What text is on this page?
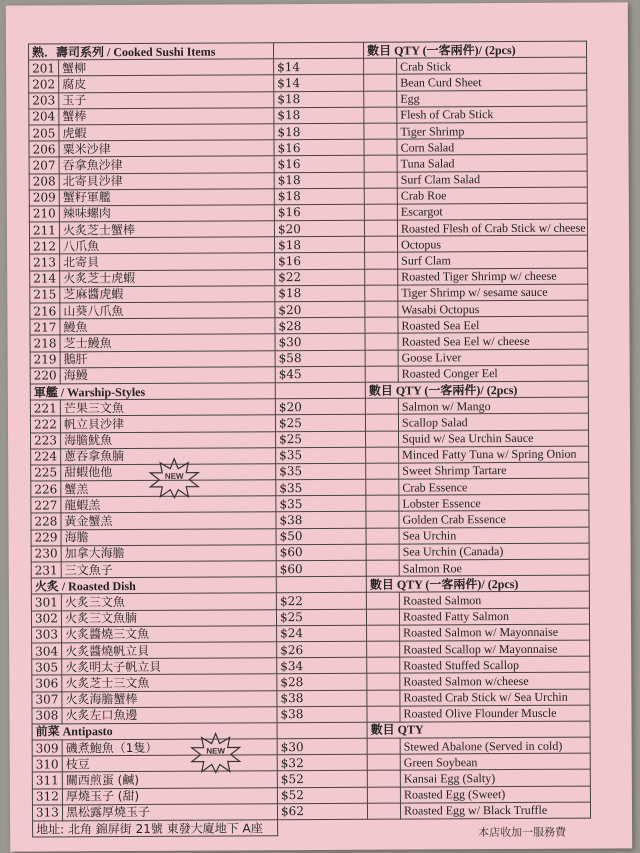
熟．壽司系列 / Cooked Sushi Items			數目 QTY (一客兩件)/ (2pcs)	
201	蟹柳	$14		Crab Stick
202	腐皮	$14		Bean Curd Sheet
203	玉子	$18		Egg
204	蟹棒	$18		Flesh of Crab Stick
205	虎蝦	$18		Tiger Shrimp
206	粟米沙律	$16		Corn Salad
207	吞拿魚沙律	$16		Tuna Salad
208	北寄貝沙律	$18		Surf Clam Salad
209	蟹籽軍艦	$18		Crab Roe
210	辣味螺肉	$16		Escargot
211	火炙芝士蟹棒	$20		Roasted Flesh of Crab Stick w/ cheese
212	八爪魚	$18		Octopus
213	北寄貝	$16		Surf Clam
214	火炙芝士虎蝦	$22		Roasted Tiger Shrimp w/ cheese
215	芝麻醬虎蝦	$18		Tiger Shrimp w/ sesame sauce
216	山葵八爪魚	$20		Wasabi Octopus
217	鰻魚	$28		Roasted Sea Eel
218	芝士鰻魚	$30		Roasted Sea Eel w/ cheese
219	鵝肝	$58		Goose Liver
220	海鰻	$45		Roasted Conger Eel
軍艦 / Warship-Styles			數目 QTY (一客兩件)/ (2pcs)	
221	芒果三文魚	$20		Salmon w/ Mango
222	帆立貝沙律	$25		Scallop Salad
223	海膽魷魚	$25		Squid w/ Sea Urchin Sauce
224	蔥吞拿魚腩	$35		Minced Fatty Tuna w/ Spring Onion
225	甜蝦他他	$35		Sweet Shrimp Tartare
226	蟹羔	$35		Crab Essence
227	龍蝦羔	$35		Lobster Essence
228	黃金蟹羔	$38		Golden Crab Essence
229	海膽	$50		Sea Urchin
230	加拿大海膽	$60		Sea Urchin (Canada)
231	三文魚子	$60		Salmon Roe
火炙 / Roasted Dish			數目 QTY (一客兩件)/ (2pcs)	
301	火炙三文魚	$22		Roasted Salmon
302	火炙三文魚腩	$25		Roasted Fatty Salmon
303	火炙醬燒三文魚	$24		Roasted Salmon w/ Mayonnaise
304	火炙醬燒帆立貝	$26		Roasted Scallop w/ Mayonnaise
305	火炙明太子帆立貝	$34		Roasted Stuffed Scallop
306	火炙芝士三文魚	$28		Roasted Salmon w/cheese
307	火炙海膽蟹棒	$38		Roasted Crab Stick w/ Sea Urchin
308	火炙左口魚邊	$38		Roasted Olive Flounder Muscle
前菜 Antipasto			數目 QTY	
309	磯煮鮑魚（1隻）	$30		Stewed Abalone (Served in cold)
310	枝豆	$32		Green Soybean
311	關西煎蛋 (鹹)	$52		Kansai Egg (Salty)
312	厚燒玉子 (甜)	$52		Roasted Egg (Sweet)
313	黑松露厚燒玉子	$62		Roasted Egg w/ Black Truffle
地址: 北角 錦屏街 21號 東發大廈地下 A座				
NEW
NEW
本店收加一服務費
